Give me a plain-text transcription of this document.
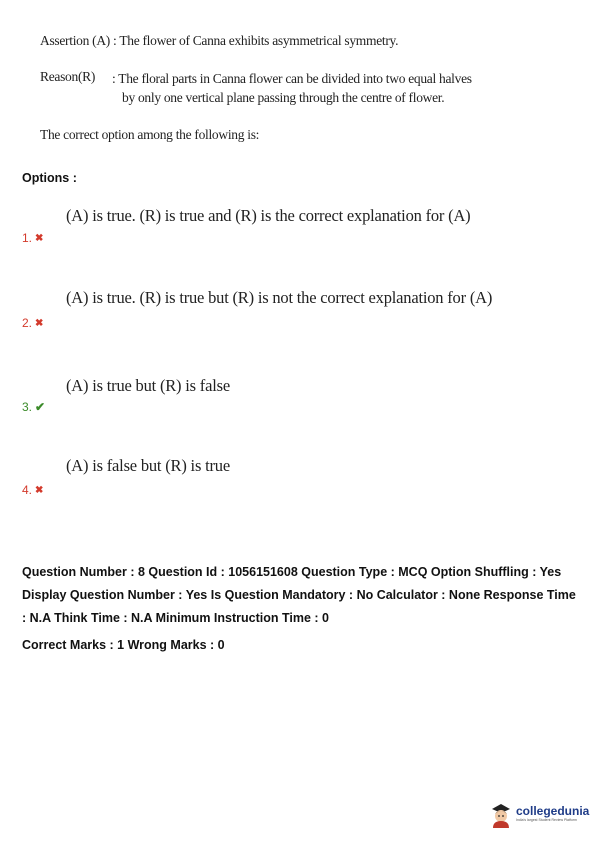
Assertion (A) : The flower of Canna exhibits asymmetrical symmetry.
Reason(R)	: The floral parts in Canna flower can be divided into two equal halves
by only one vertical plane passing through the centre of flower.
The correct option among the following is:
Options :
(A) is true. (R) is true and (R) is the correct explanation for (A)
1. ✖
(A) is true. (R) is true but (R) is not the correct explanation for (A)
2. ✖
(A) is true but (R) is false
3. ✔
(A) is false but (R) is true
4. ✖
Question Number : 8 Question Id : 1056151608 Question Type : MCQ Option Shuffling : Yes
Display Question Number : Yes Is Question Mandatory : No Calculator : None Response Time
: N.A Think Time : N.A Minimum Instruction Time : 0
Correct Marks : 1 Wrong Marks : 0
collegedunia
India's largest Student Review Platform
